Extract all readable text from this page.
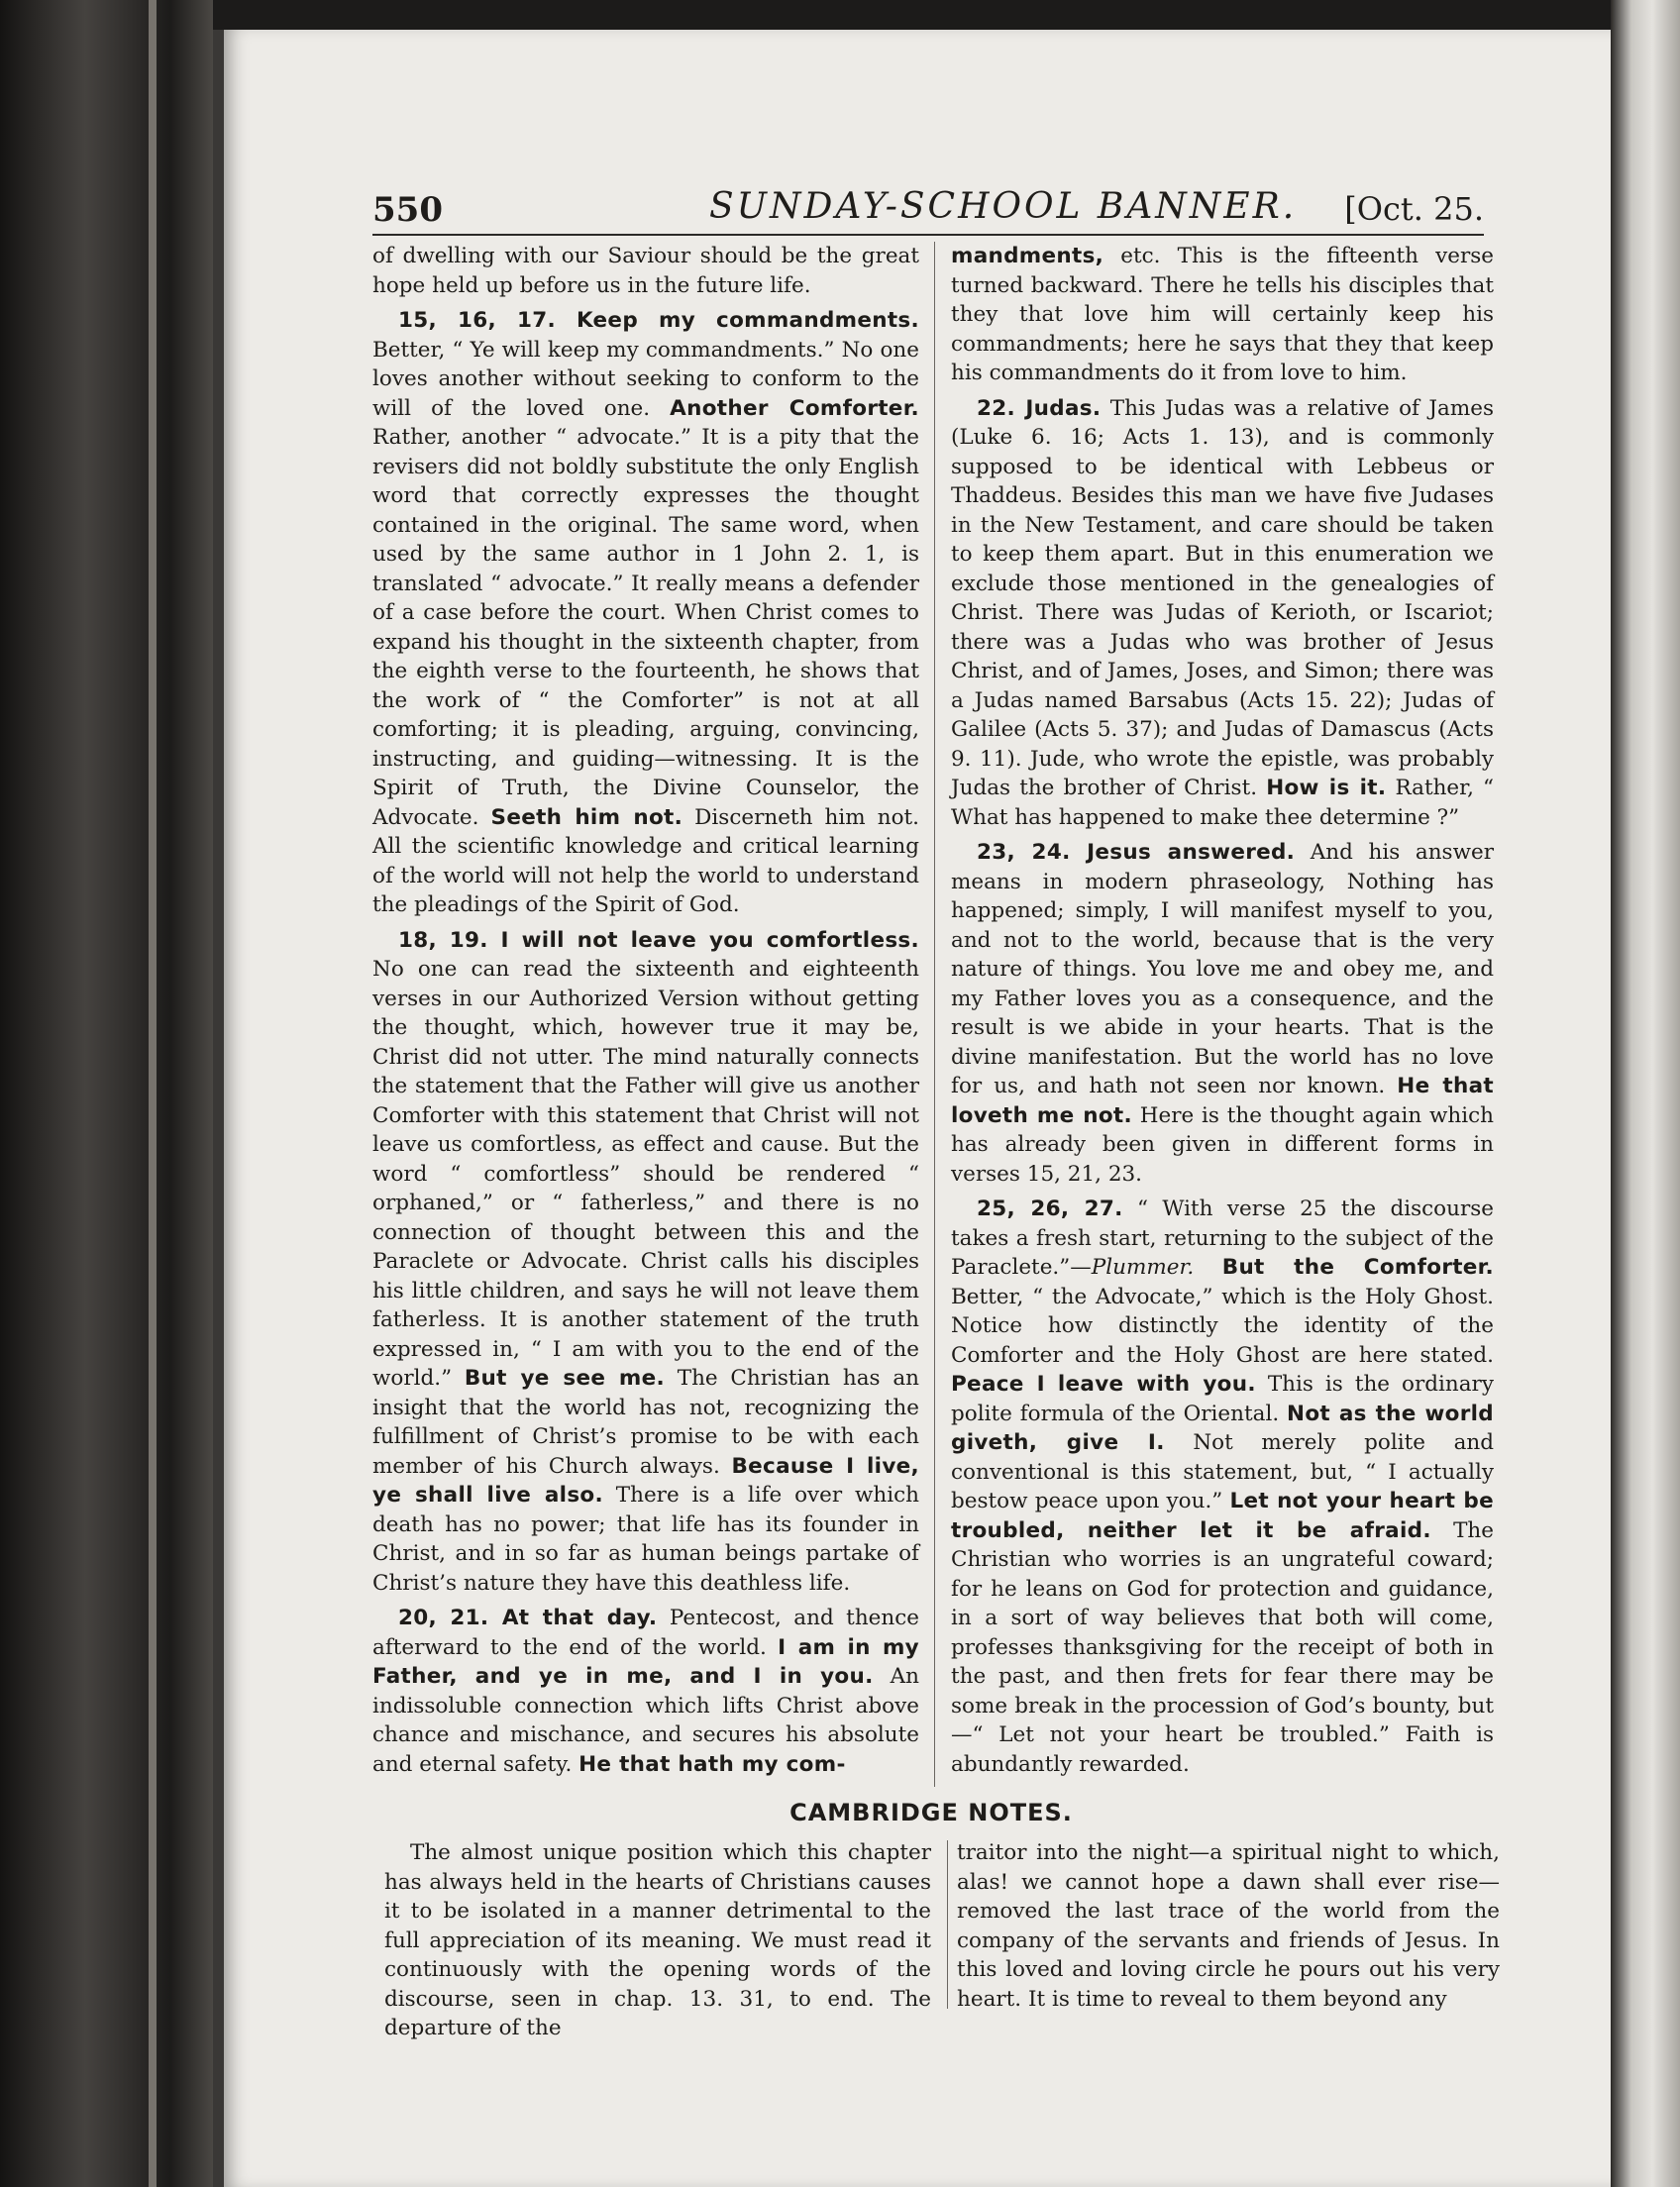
550	SUNDAY-SCHOOL BANNER. [Oct. 25.

of dwelling with our Saviour should be the great hope held up before us in the future life.

15, 16, 17. Keep my commandments. Better, “ Ye will keep my commandments.” No one loves another without seeking to conform to the will of the loved one. Another Comforter. Rather, another “ advocate.” It is a pity that the revisers did not boldly substitute the only English word that correctly expresses the thought contained in the original. The same word, when used by the same author in 1 John 2. 1, is translated “ advocate.” It really means a defender of a case before the court. When Christ comes to expand his thought in the sixteenth chapter, from the eighth verse to the fourteenth, he shows that the work of “ the Comforter” is not at all comforting; it is pleading, arguing, convincing, instructing, and guiding—witnessing. It is the Spirit of Truth, the Divine Counselor, the Advocate. Seeth him not. Discerneth him not. All the scientific knowledge and critical learning of the world will not help the world to understand the pleadings of the Spirit of God.

18, 19. I will not leave you comfortless. No one can read the sixteenth and eighteenth verses in our Authorized Version without getting the thought, which, however true it may be, Christ did not utter. The mind naturally connects the statement that the Father will give us another Comforter with this statement that Christ will not leave us comfortless, as effect and cause. But the word “ comfortless” should be rendered “ orphaned,” or “ fatherless,” and there is no connection of thought between this and the Paraclete or Advocate. Christ calls his disciples his little children, and says he will not leave them fatherless. It is another statement of the truth expressed in, “ I am with you to the end of the world.” But ye see me. The Christian has an insight that the world has not, recognizing the fulfillment of Christ’s promise to be with each member of his Church always. Because I live, ye shall live also. There is a life over which death has no power; that life has its founder in Christ, and in so far as human beings partake of Christ’s nature they have this deathless life.

20, 21. At that day. Pentecost, and thence afterward to the end of the world. I am in my Father, and ye in me, and I in you. An indissoluble connection which lifts Christ above chance and mischance, and secures his absolute and eternal safety. He that hath my com-

mandments, etc. This is the fifteenth verse turned backward. There he tells his disciples that they that love him will certainly keep his commandments; here he says that they that keep his commandments do it from love to him.

22. Judas. This Judas was a relative of James (Luke 6. 16; Acts 1. 13), and is commonly supposed to be identical with Lebbeus or Thaddeus. Besides this man we have five Judases in the New Testament, and care should be taken to keep them apart. But in this enumeration we exclude those mentioned in the genealogies of Christ. There was Judas of Kerioth, or Iscariot; there was a Judas who was brother of Jesus Christ, and of James, Joses, and Simon; there was a Judas named Barsabus (Acts 15. 22); Judas of Galilee (Acts 5. 37); and Judas of Damascus (Acts 9. 11). Jude, who wrote the epistle, was probably Judas the brother of Christ. How is it. Rather, “ What has happened to make thee determine ?”

23, 24. Jesus answered. And his answer means in modern phraseology, Nothing has happened; simply, I will manifest myself to you, and not to the world, because that is the very nature of things. You love me and obey me, and my Father loves you as a consequence, and the result is we abide in your hearts. That is the divine manifestation. But the world has no love for us, and hath not seen nor known. He that loveth me not. Here is the thought again which has already been given in different forms in verses 15, 21, 23.

25, 26, 27. “ With verse 25 the discourse takes a fresh start, returning to the subject of the Paraclete.”—Plummer. But the Comforter. Better, “ the Advocate,” which is the Holy Ghost. Notice how distinctly the identity of the Comforter and the Holy Ghost are here stated. Peace I leave with you. This is the ordinary polite formula of the Oriental. Not as the world giveth, give I. Not merely polite and conventional is this statement, but, “ I actually bestow peace upon you.” Let not your heart be troubled, neither let it be afraid. The Christian who worries is an ungrateful coward; for he leans on God for protection and guidance, in a sort of way believes that both will come, professes thanksgiving for the receipt of both in the past, and then frets for fear there may be some break in the procession of God’s bounty, but—“ Let not your heart be troubled.” Faith is abundantly rewarded.

CAMBRIDGE NOTES.

The almost unique position which this chapter has always held in the hearts of Christians causes it to be isolated in a manner detrimental to the full appreciation of its meaning. We must read it continuously with the opening words of the discourse, seen in chap. 13. 31, to end. The departure of the

traitor into the night—a spiritual night to which, alas! we cannot hope a dawn shall ever rise—removed the last trace of the world from the company of the servants and friends of Jesus. In this loved and loving circle he pours out his very heart. It is time to reveal to them beyond any
